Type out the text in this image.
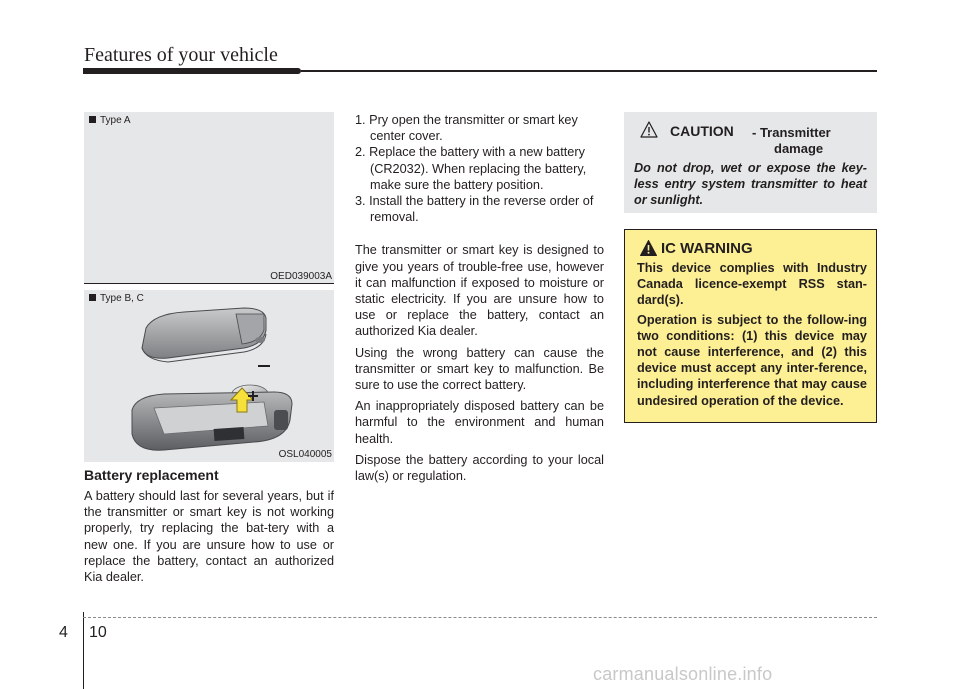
Features of your vehicle
Type A
OED039003A
Type B, C
OSL040005
Battery replacement
A battery should last for several years, but if the transmitter or smart key is not working properly, try replacing the bat-tery with a new one. If you are unsure how to use or replace the battery, contact an authorized Kia dealer.

1. Pry open the transmitter or smart key center cover.

2. Replace the battery with a new battery (CR2032). When replacing the battery, make sure the battery position.

3. Install the battery in the reverse order of removal.

The transmitter or smart key is designed to give you years of trouble-free use, however it can malfunction if exposed to moisture or static electricity. If you are unsure how to use or replace the battery, contact an authorized Kia dealer.

Using the wrong battery can cause the transmitter or smart key to malfunction. Be sure to use the correct battery.

An inappropriately disposed battery can be harmful to the environment and human health.

Dispose the battery according to your local law(s) or regulation.

CAUTION - Transmitter
damage
Do not drop, wet or expose the key-less entry system transmitter to heat or sunlight.
IC WARNING

This device complies with Industry Canada licence-exempt RSS stan-dard(s).

Operation is subject to the follow-ing two conditions: (1) this device may not cause interference, and (2) this device must accept any inter-ference, including interference that may cause undesired operation of the device.

4 10
carmanualsonline.info
